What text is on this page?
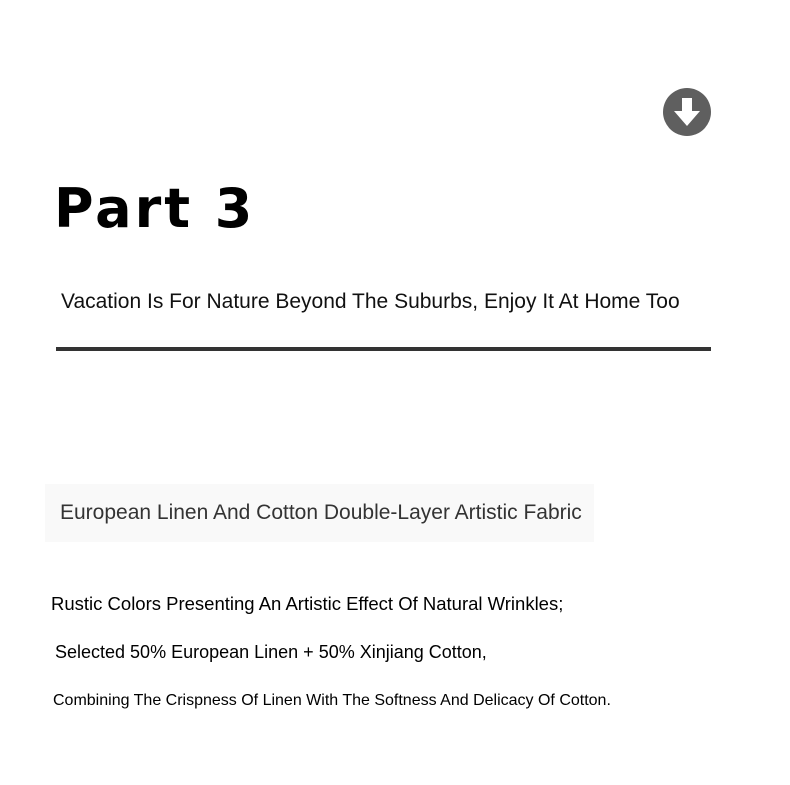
Part 3
Vacation Is For Nature Beyond The Suburbs, Enjoy It At Home Too
European Linen And Cotton Double-Layer Artistic Fabric
Rustic Colors Presenting An Artistic Effect Of Natural Wrinkles;
Selected 50% European Linen + 50% Xinjiang Cotton,
Combining The Crispness Of Linen With The Softness And Delicacy Of Cotton.
